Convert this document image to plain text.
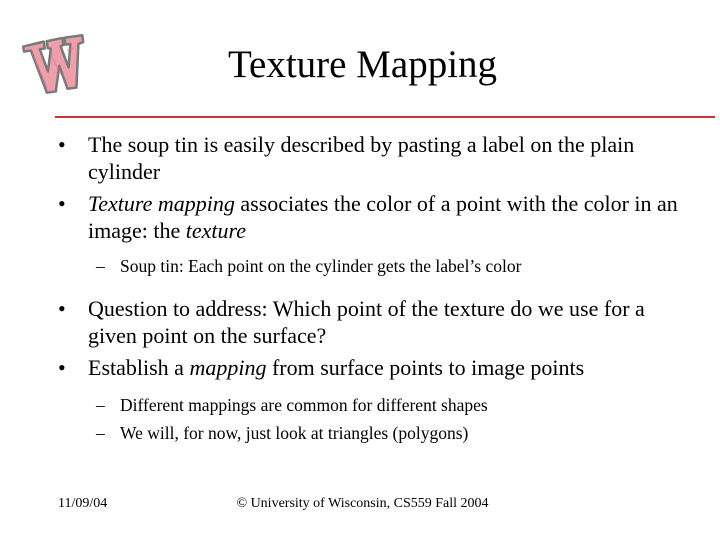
Texture Mapping
• The soup tin is easily described by pasting a label on the plain cylinder
• Texture mapping associates the color of a point with the color in an image: the texture
– Soup tin: Each point on the cylinder gets the label’s color
• Question to address: Which point of the texture do we use for a given point on the surface?
• Establish a mapping from surface points to image points
– Different mappings are common for different shapes
– We will, for now, just look at triangles (polygons)
11/09/04	© University of Wisconsin, CS559 Fall 2004
